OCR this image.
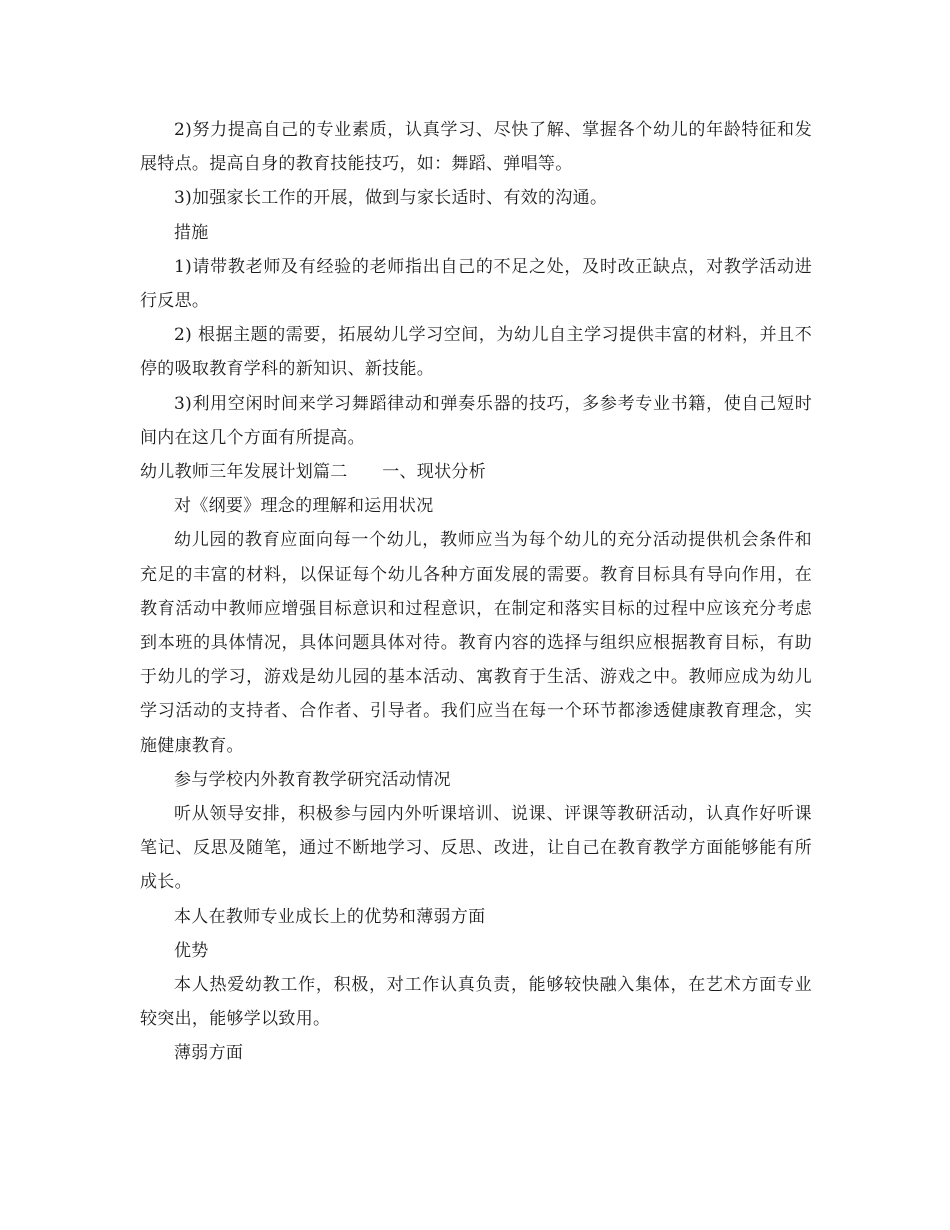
2)努力提高自己的专业素质，认真学习、尽快了解、掌握各个幼儿的年龄特征和发展特点。提高自身的教育技能技巧，如：舞蹈、弹唱等。

3)加强家长工作的开展，做到与家长适时、有效的沟通。

措施

1)请带教老师及有经验的老师指出自己的不足之处，及时改正缺点，对教学活动进行反思。

2) 根据主题的需要，拓展幼儿学习空间，为幼儿自主学习提供丰富的材料，并且不停的吸取教育学科的新知识、新技能。

3)利用空闲时间来学习舞蹈律动和弹奏乐器的技巧，多参考专业书籍，使自己短时间内在这几个方面有所提高。

幼儿教师三年发展计划篇二　　一、现状分析

对《纲要》理念的理解和运用状况

幼儿园的教育应面向每一个幼儿，教师应当为每个幼儿的充分活动提供机会条件和充足的丰富的材料，以保证每个幼儿各种方面发展的需要。教育目标具有导向作用，在教育活动中教师应增强目标意识和过程意识，在制定和落实目标的过程中应该充分考虑到本班的具体情况，具体问题具体对待。教育内容的选择与组织应根据教育目标，有助于幼儿的学习，游戏是幼儿园的基本活动、寓教育于生活、游戏之中。教师应成为幼儿学习活动的支持者、合作者、引导者。我们应当在每一个环节都渗透健康教育理念，实施健康教育。

参与学校内外教育教学研究活动情况

听从领导安排，积极参与园内外听课培训、说课、评课等教研活动，认真作好听课笔记、反思及随笔，通过不断地学习、反思、改进，让自己在教育教学方面能够能有所成长。

本人在教师专业成长上的优势和薄弱方面

优势

本人热爱幼教工作，积极，对工作认真负责，能够较快融入集体，在艺术方面专业较突出，能够学以致用。

薄弱方面
